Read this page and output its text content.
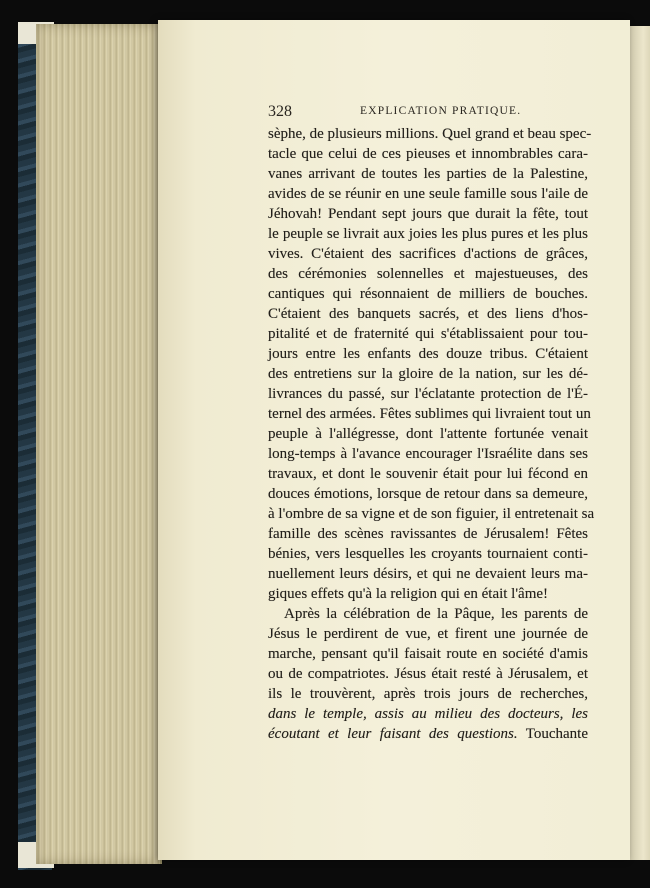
328	EXPLICATION PRATIQUE.
sèphe, de plusieurs millions. Quel grand et beau spec-
tacle que celui de ces pieuses et innombrables cara-
vanes arrivant de toutes les parties de la Palestine,
avides de se réunir en une seule famille sous l'aile de
Jéhovah! Pendant sept jours que durait la fête, tout
le peuple se livrait aux joies les plus pures et les plus
vives. C'étaient des sacrifices d'actions de grâces,
des cérémonies solennelles et majestueuses, des
cantiques qui résonnaient de milliers de bouches.
C'étaient des banquets sacrés, et des liens d'hos-
pitalité et de fraternité qui s'établissaient pour tou-
jours entre les enfants des douze tribus. C'étaient
des entretiens sur la gloire de la nation, sur les dé-
livrances du passé, sur l'éclatante protection de l'É-
ternel des armées. Fêtes sublimes qui livraient tout un
peuple à l'allégresse, dont l'attente fortunée venait
long-temps à l'avance encourager l'Israélite dans ses
travaux, et dont le souvenir était pour lui fécond en
douces émotions, lorsque de retour dans sa demeure,
à l'ombre de sa vigne et de son figuier, il entretenait sa
famille des scènes ravissantes de Jérusalem! Fêtes
bénies, vers lesquelles les croyants tournaient conti-
nuellement leurs désirs, et qui ne devaient leurs ma-
giques effets qu'à la religion qui en était l'âme!
Après la célébration de la Pâque, les parents de
Jésus le perdirent de vue, et firent une journée de
marche, pensant qu'il faisait route en société d'amis
ou de compatriotes. Jésus était resté à Jérusalem, et
ils le trouvèrent, après trois jours de recherches,
dans le temple, assis au milieu des docteurs, les
écoutant et leur faisant des questions. Touchante
